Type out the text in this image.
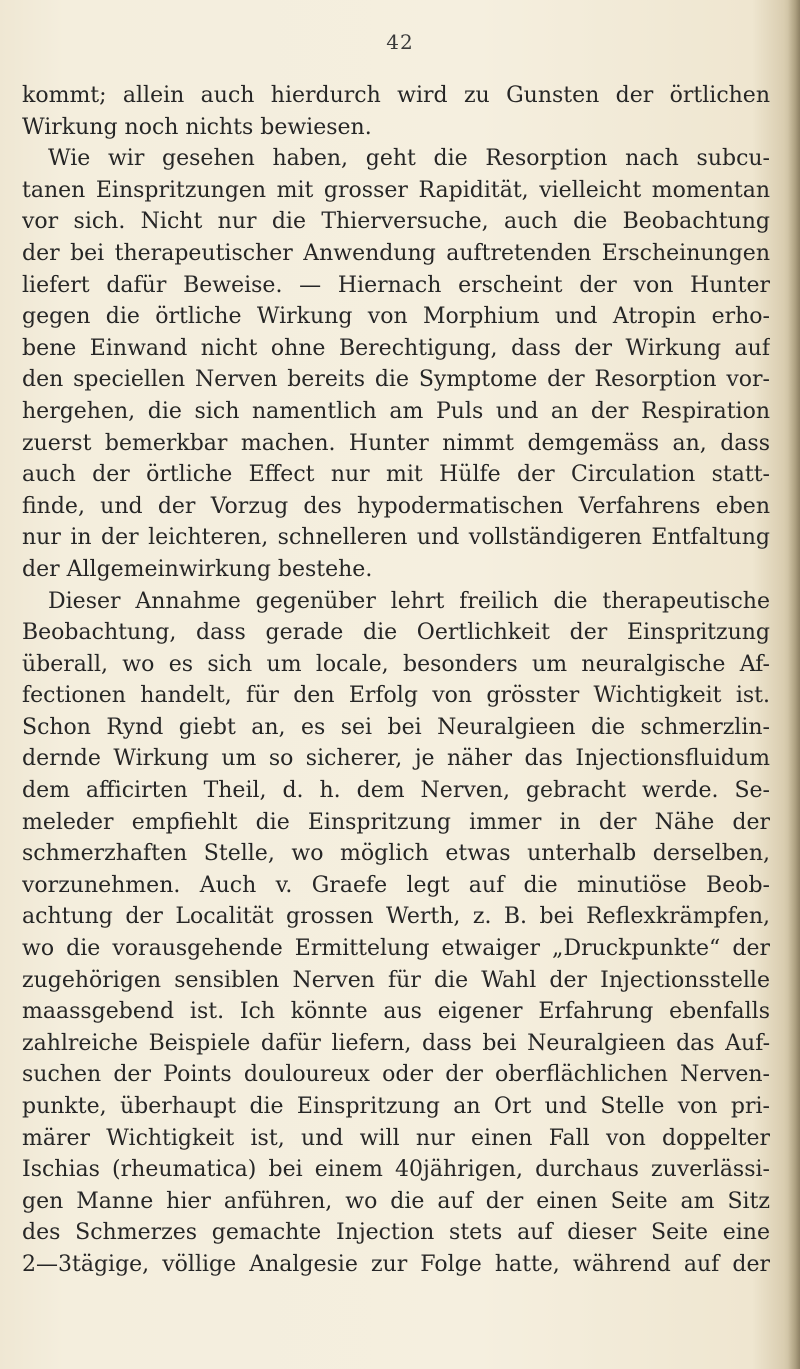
42
kommt; allein auch hierdurch wird zu Gunsten der örtlichen
Wirkung noch nichts bewiesen.
Wie wir gesehen haben, geht die Resorption nach subcu-
tanen Einspritzungen mit grosser Rapidität, vielleicht momentan
vor sich. Nicht nur die Thierversuche, auch die Beobachtung
der bei therapeutischer Anwendung auftretenden Erscheinungen
liefert dafür Beweise. — Hiernach erscheint der von Hunter
gegen die örtliche Wirkung von Morphium und Atropin erho-
bene Einwand nicht ohne Berechtigung, dass der Wirkung auf
den speciellen Nerven bereits die Symptome der Resorption vor-
hergehen, die sich namentlich am Puls und an der Respiration
zuerst bemerkbar machen. Hunter nimmt demgemäss an, dass
auch der örtliche Effect nur mit Hülfe der Circulation statt-
finde, und der Vorzug des hypodermatischen Verfahrens eben
nur in der leichteren, schnelleren und vollständigeren Entfaltung
der Allgemeinwirkung bestehe.
Dieser Annahme gegenüber lehrt freilich die therapeutische
Beobachtung, dass gerade die Oertlichkeit der Einspritzung
überall, wo es sich um locale, besonders um neuralgische Af-
fectionen handelt, für den Erfolg von grösster Wichtigkeit ist.
Schon Rynd giebt an, es sei bei Neuralgieen die schmerzlin-
dernde Wirkung um so sicherer, je näher das Injectionsfluidum
dem afficirten Theil, d. h. dem Nerven, gebracht werde. Se-
meleder empfiehlt die Einspritzung immer in der Nähe der
schmerzhaften Stelle, wo möglich etwas unterhalb derselben,
vorzunehmen. Auch v. Graefe legt auf die minutiöse Beob-
achtung der Localität grossen Werth, z. B. bei Reflexkrämpfen,
wo die vorausgehende Ermittelung etwaiger „Druckpunkte“ der
zugehörigen sensiblen Nerven für die Wahl der Injectionsstelle
maassgebend ist. Ich könnte aus eigener Erfahrung ebenfalls
zahlreiche Beispiele dafür liefern, dass bei Neuralgieen das Auf-
suchen der Points douloureux oder der oberflächlichen Nerven-
punkte, überhaupt die Einspritzung an Ort und Stelle von pri-
märer Wichtigkeit ist, und will nur einen Fall von doppelter
Ischias (rheumatica) bei einem 40jährigen, durchaus zuverlässi-
gen Manne hier anführen, wo die auf der einen Seite am Sitz
des Schmerzes gemachte Injection stets auf dieser Seite eine
2—3tägige, völlige Analgesie zur Folge hatte, während auf der
